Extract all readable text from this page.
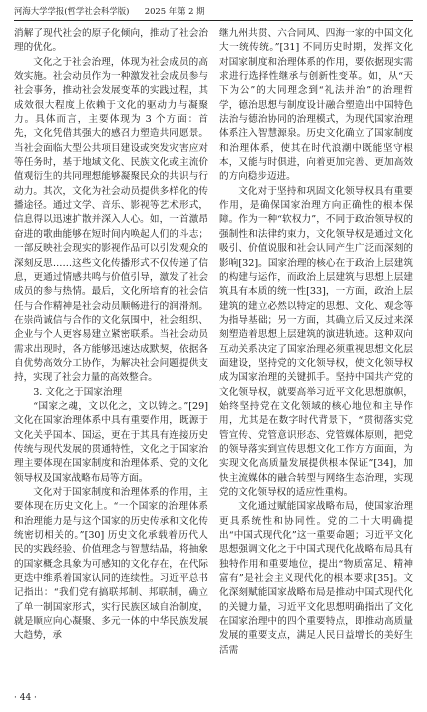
河海大学学报(哲学社会科学版) 2025 年第 2 期

消解了现代社会的原子化倾向，推动了社会治理的优化。

文化之于社会治理，体现为社会成员的高效实施。社会动员作为一种激发社会成员参与社会事务，推动社会发展变革的实践过程，其成效很大程度上依赖于文化的驱动力与凝聚力。具体而言，主要体现为 3 个方面：首先，文化凭借其强大的感召力塑造共同愿景。当社会面临大型公共项目建设或突发灾害应对等任务时，基于地域文化、民族文化或主流价值观衍生的共同理想能够凝聚民众的共识与行动力。其次，文化为社会动员提供多样化的传播途径。通过文学、音乐、影视等艺术形式，信息得以迅速扩散并深入人心。如，一首激昂奋进的歌曲能够在短时间内唤起人们的斗志；一部反映社会现实的影视作品可以引发观众的深刻反思……这些文化传播形式不仅传递了信息，更通过情感共鸣与价值引导，激发了社会成员的参与热情。最后，文化所培育的社会信任与合作精神是社会动员顺畅进行的润滑剂。在崇尚诚信与合作的文化氛围中，社会组织、企业与个人更容易建立紧密联系。当社会动员需求出现时，各方能够迅速达成默契，依据各自优势高效分工协作，为解决社会问题提供支持，实现了社会力量的高效整合。

3. 文化之于国家治理

“国家之魂，文以化之，文以铸之。”[29] 文化在国家治理体系中具有重要作用，既源于文化关乎国本、国运，更在于其具有连接历史传统与现代发展的贯通特性，文化之于国家治理主要体现在国家制度和治理体系、党的文化领导权及国家战略布局等方面。

文化对于国家制度和治理体系的作用，主要体现在历史文化上。“一个国家的治理体系和治理能力是与这个国家的历史传承和文化传统密切相关的。”[30] 历史文化承载着历代人民的实践经验、价值理念与智慧结晶，将抽象的国家概念具象为可感知的文化存在，在代际更迭中维系着国家认同的连续性。习近平总书记指出：“我们党有搞联邦制、邦联制，确立了单一制国家形式，实行民族区域自治制度，就是顺应向心凝聚、多元一体的中华民族发展大趋势，承

继九州共贯、六合同风、四海一家的中国文化大一统传统。”[31] 不同历史时期，发挥文化对国家制度和治理体系的作用，要依据现实需求进行选择性继承与创新性变革。如，从“天下为公”的大同理念到“礼法并治”的治理哲学，德治思想与制度设计融合塑造出中国特色法治与德治协同的治理模式，为现代国家治理体系注入智慧源泉。历史文化确立了国家制度和治理体系，使其在时代浪潮中既能坚守根本，又能与时俱进，向着更加完善、更加高效的方向稳步迈进。

文化对于坚持和巩固文化领导权具有重要作用，是确保国家治理方向正确性的根本保障。作为一种“软权力”，不同于政治领导权的强制性和法律约束力，文化领导权是通过文化吸引、价值说服和社会认同产生广泛而深刻的影响[32]。国家治理的核心在于政治上层建筑的构建与运作，而政治上层建筑与思想上层建筑具有本质的统一性[33]，一方面，政治上层建筑的建立必然以特定的思想、文化、观念等为指导基础；另一方面，其确立后又反过来深刻塑造着思想上层建筑的演进轨迹。这种双向互动关系决定了国家治理必须重视思想文化层面建设，坚持党的文化领导权，使文化领导权成为国家治理的关键抓手。坚持中国共产党的文化领导权，就要高举习近平文化思想旗帜，始终坚持党在文化领域的核心地位和主导作用，尤其是在数字时代背景下，“贯彻落实党管宣传、党管意识形态、党管媒体原则，把党的领导落实到宣传思想文化工作方方面面，为实现文化高质量发展提供根本保证”[34]，加快主流媒体的融合转型与网络生态治理，实现党的文化领导权的适应性重构。

文化通过赋能国家战略布局，使国家治理更具系统性和协同性。党的二十大明确提出“中国式现代化”这一重要命题；习近平文化思想强调文化之于中国式现代化战略布局具有独特作用和重要地位，提出“物质富足、精神富有”是社会主义现代化的根本要求[35]。文化深刻赋能国家战略布局是推动中国式现代化的关键力量，习近平文化思想明确指出了文化在国家治理中的四个重要特点，即推动高质量发展的重要支点，满足人民日益增长的美好生活需

· 44 ·
